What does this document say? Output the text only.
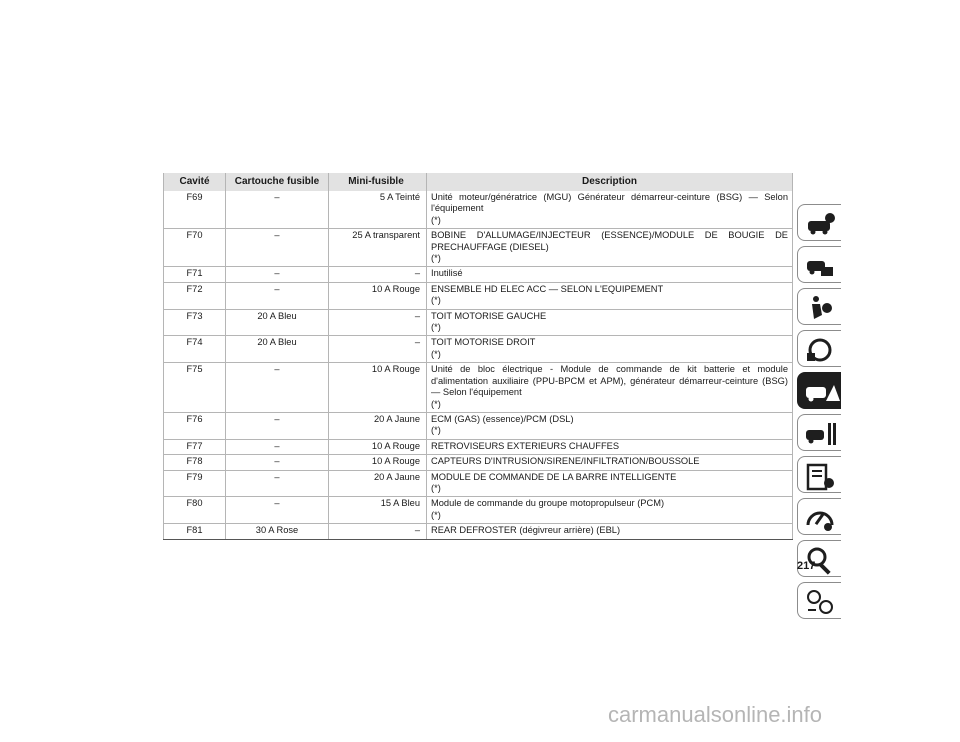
Cavité	Cartouche fusible	Mini-fusible	Description
F69	–	5 A Teinté	Unité moteur/génératrice (MGU) Générateur démarreur-ceinture (BSG) — Selon l'équipement
(*)

F70	–	25 A transparent	BOBINE D'ALLUMAGE/INJECTEUR (ESSENCE)/MODULE DE BOUGIE DE PRECHAUFFAGE (DIESEL)
(*)

F71	–	–	Inutilisé

F72	–	10 A Rouge	ENSEMBLE HD ELEC ACC — SELON L'EQUIPEMENT
(*)

F73	20 A Bleu	–	TOIT MOTORISE GAUCHE
(*)

F74	20 A Bleu	–	TOIT MOTORISE DROIT
(*)

F75	–	10 A Rouge	Unité de bloc électrique - Module de commande de kit batterie et module d'alimentation auxiliaire (PPU-BPCM et APM), générateur démarreur-ceinture (BSG) — Selon l'équipement
(*)

F76	–	20 A Jaune	ECM (GAS) (essence)/PCM (DSL)
(*)

F77	–	10 A Rouge	RETROVISEURS EXTERIEURS CHAUFFES

F78	–	10 A Rouge	CAPTEURS D'INTRUSION/SIRENE/INFILTRATION/BOUSSOLE

F79	–	20 A Jaune	MODULE DE COMMANDE DE LA BARRE INTELLIGENTE
(*)

F80	–	15 A Bleu	Module de commande du groupe motopropulseur (PCM)
(*)

F81	30 A Rose	–	REAR DEFROSTER (dégivreur arrière) (EBL)
217
carmanualsonline.info
